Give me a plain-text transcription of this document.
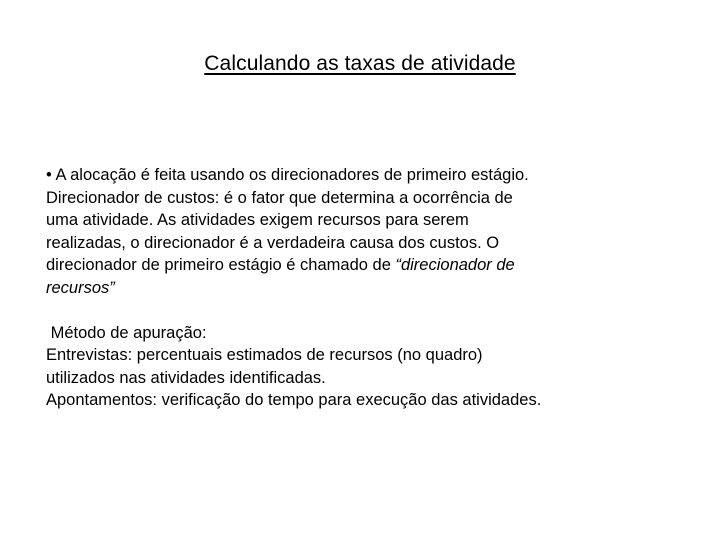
Calculando as taxas de atividade

• A alocação é feita usando os direcionadores de primeiro estágio.
Direcionador de custos: é o fator que determina a ocorrência de
uma atividade. As atividades exigem recursos para serem
realizadas, o direcionador é a verdadeira causa dos custos. O
direcionador de primeiro estágio é chamado de “direcionador de
recursos”

Método de apuração:
Entrevistas: percentuais estimados de recursos (no quadro)
utilizados nas atividades identificadas.
Apontamentos: verificação do tempo para execução das atividades.
